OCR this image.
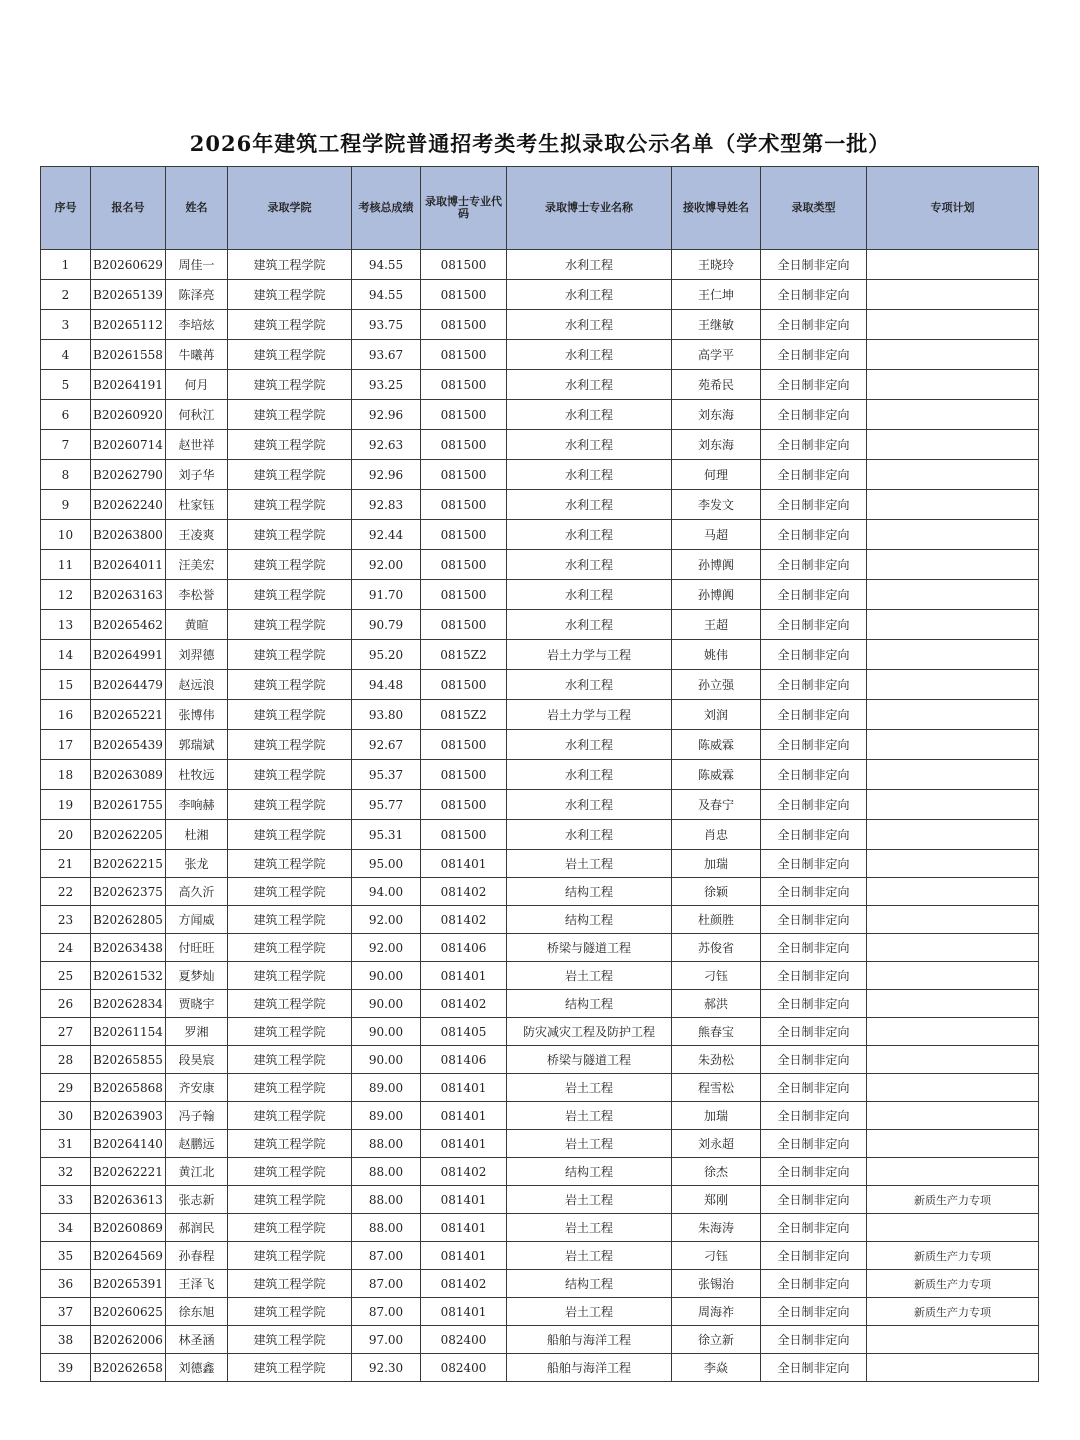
2026年建筑工程学院普通招考类考生拟录取公示名单（学术型第一批）
序号	报名号	姓名	录取学院	考核总成绩	录取博士专业代码	录取博士专业名称	接收博导姓名	录取类型	专项计划
1	B20260629	周佳一	建筑工程学院	94.55	081500	水利工程	王晓玲	全日制非定向	
2	B20265139	陈泽亮	建筑工程学院	94.55	081500	水利工程	王仁坤	全日制非定向	
3	B20265112	李培炫	建筑工程学院	93.75	081500	水利工程	王继敏	全日制非定向	
4	B20261558	牛曦苒	建筑工程学院	93.67	081500	水利工程	高学平	全日制非定向	
5	B20264191	何月	建筑工程学院	93.25	081500	水利工程	苑希民	全日制非定向	
6	B20260920	何秋江	建筑工程学院	92.96	081500	水利工程	刘东海	全日制非定向	
7	B20260714	赵世祥	建筑工程学院	92.63	081500	水利工程	刘东海	全日制非定向	
8	B20262790	刘子华	建筑工程学院	92.96	081500	水利工程	何理	全日制非定向	
9	B20262240	杜家钰	建筑工程学院	92.83	081500	水利工程	李发文	全日制非定向	
10	B20263800	王凌爽	建筑工程学院	92.44	081500	水利工程	马超	全日制非定向	
11	B20264011	汪美宏	建筑工程学院	92.00	081500	水利工程	孙博阗	全日制非定向	
12	B20263163	李松誉	建筑工程学院	91.70	081500	水利工程	孙博阗	全日制非定向	
13	B20265462	黄暄	建筑工程学院	90.79	081500	水利工程	王超	全日制非定向	
14	B20264991	刘羿德	建筑工程学院	95.20	0815Z2	岩土力学与工程	姚伟	全日制非定向	
15	B20264479	赵远浪	建筑工程学院	94.48	081500	水利工程	孙立强	全日制非定向	
16	B20265221	张博伟	建筑工程学院	93.80	0815Z2	岩土力学与工程	刘润	全日制非定向	
17	B20265439	郭瑞斌	建筑工程学院	92.67	081500	水利工程	陈威霖	全日制非定向	
18	B20263089	杜牧远	建筑工程学院	95.37	081500	水利工程	陈威霖	全日制非定向	
19	B20261755	李响赫	建筑工程学院	95.77	081500	水利工程	及春宁	全日制非定向	
20	B20262205	杜湘	建筑工程学院	95.31	081500	水利工程	肖忠	全日制非定向	
21	B20262215	张龙	建筑工程学院	95.00	081401	岩土工程	加瑞	全日制非定向	
22	B20262375	高久沂	建筑工程学院	94.00	081402	结构工程	徐颖	全日制非定向	
23	B20262805	方闻威	建筑工程学院	92.00	081402	结构工程	杜颜胜	全日制非定向	
24	B20263438	付旺旺	建筑工程学院	92.00	081406	桥梁与隧道工程	苏俊省	全日制非定向	
25	B20261532	夏梦灿	建筑工程学院	90.00	081401	岩土工程	刁钰	全日制非定向	
26	B20262834	贾晓宇	建筑工程学院	90.00	081402	结构工程	郝洪	全日制非定向	
27	B20261154	罗湘	建筑工程学院	90.00	081405	防灾减灾工程及防护工程	熊春宝	全日制非定向	
28	B20265855	段昊宸	建筑工程学院	90.00	081406	桥梁与隧道工程	朱劲松	全日制非定向	
29	B20265868	齐安康	建筑工程学院	89.00	081401	岩土工程	程雪松	全日制非定向	
30	B20263903	冯子翰	建筑工程学院	89.00	081401	岩土工程	加瑞	全日制非定向	
31	B20264140	赵鹏远	建筑工程学院	88.00	081401	岩土工程	刘永超	全日制非定向	
32	B20262221	黄江北	建筑工程学院	88.00	081402	结构工程	徐杰	全日制非定向	
33	B20263613	张志新	建筑工程学院	88.00	081401	岩土工程	郑刚	全日制非定向	新质生产力专项
34	B20260869	郝润民	建筑工程学院	88.00	081401	岩土工程	朱海涛	全日制非定向	
35	B20264569	孙春程	建筑工程学院	87.00	081401	岩土工程	刁钰	全日制非定向	新质生产力专项
36	B20265391	王泽飞	建筑工程学院	87.00	081402	结构工程	张锡治	全日制非定向	新质生产力专项
37	B20260625	徐东旭	建筑工程学院	87.00	081401	岩土工程	周海祚	全日制非定向	新质生产力专项
38	B20262006	林圣涵	建筑工程学院	97.00	082400	船舶与海洋工程	徐立新	全日制非定向	
39	B20262658	刘德鑫	建筑工程学院	92.30	082400	船舶与海洋工程	李焱	全日制非定向	
